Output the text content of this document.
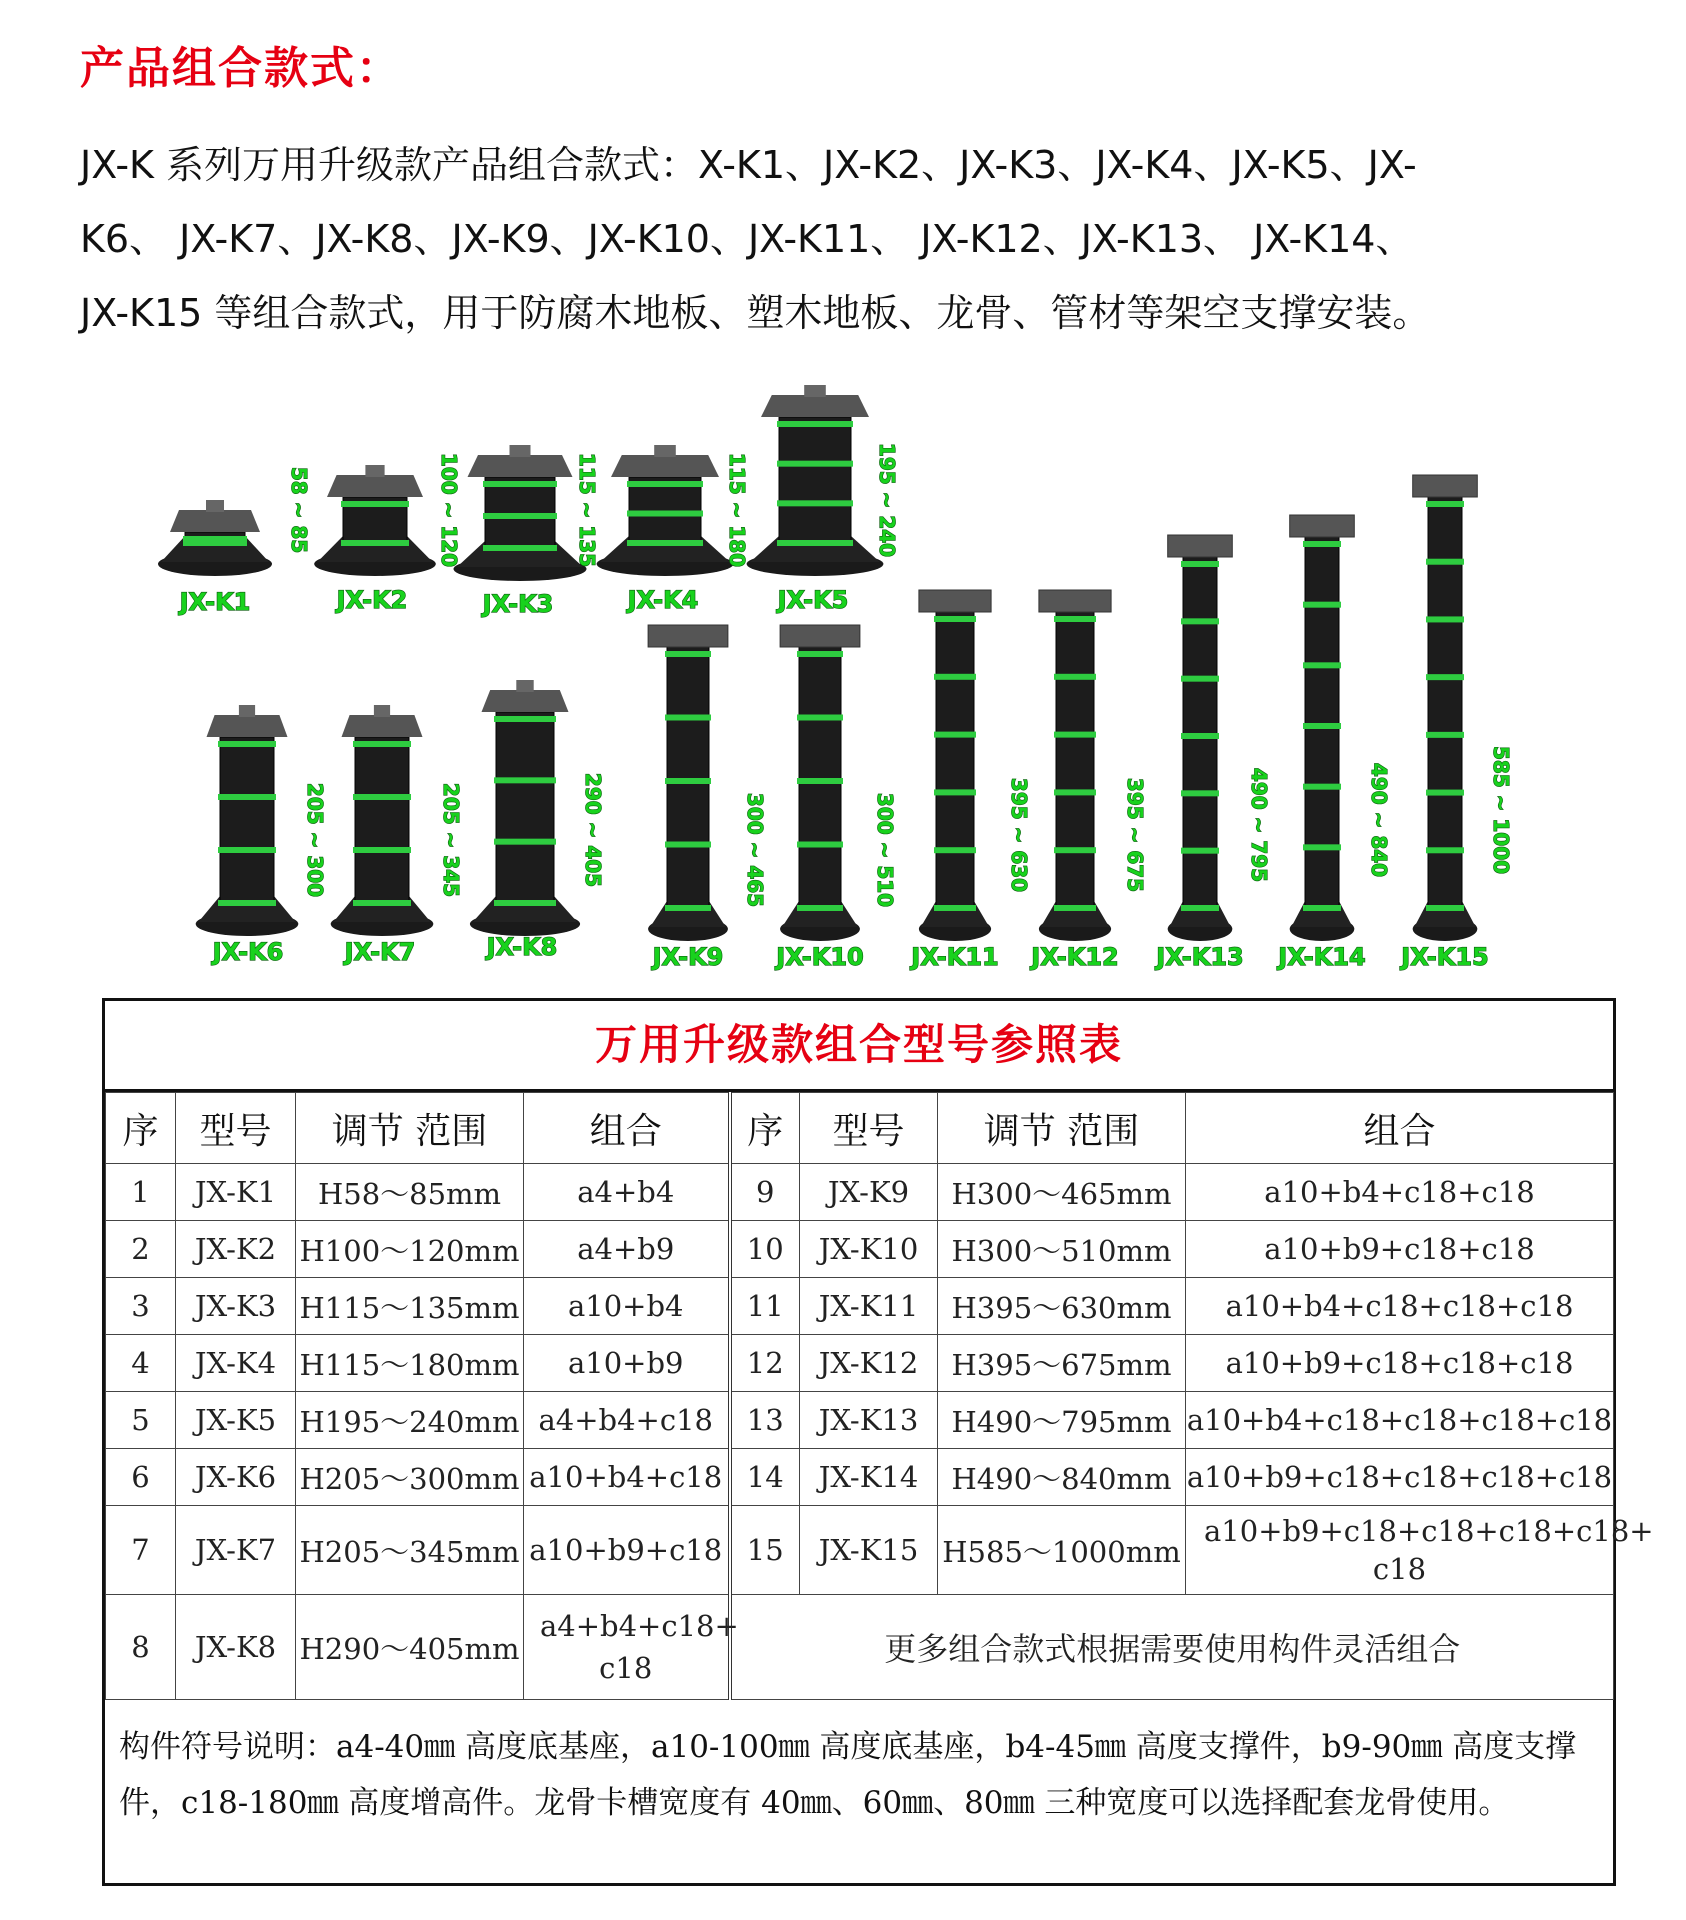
产品组合款式：

JX-K 系列万用升级款产品组合款式：X-K1、JX-K2、JX-K3、JX-K4、JX-K5、JX-

K6、 JX-K7、JX-K8、JX-K9、JX-K10、JX-K11、 JX-K12、JX-K13、 JX-K14、

JX-K15 等组合款式，用于防腐木地板、塑木地板、龙骨、管材等架空支撑安装。

JX-K1
58 ~ 85
JX-K2
100 ~ 120
JX-K3
115 ~ 135
JX-K4
115 ~ 180
JX-K5
195 ~ 240
JX-K6
205 ~ 300
JX-K7
205 ~ 345
JX-K8
290 ~ 405
JX-K9
300 ~ 465
JX-K10
300 ~ 510
JX-K11
395 ~ 630
JX-K12
395 ~ 675
JX-K13
490 ~ 795
JX-K14
490 ~ 840
JX-K15
585 ~ 1000
万用升级款组合型号参照表
序	型号	调节 范围	组合	序	型号	调节 范围	组合
1	JX-K1	H58～85mm	a4+b4	9	JX-K9	H300～465mm	a10+b4+c18+c18
2	JX-K2	H100～120mm	a4+b9	10	JX-K10	H300～510mm	a10+b9+c18+c18
3	JX-K3	H115～135mm	a10+b4	11	JX-K11	H395～630mm	a10+b4+c18+c18+c18
4	JX-K4	H115～180mm	a10+b9	12	JX-K12	H395～675mm	a10+b9+c18+c18+c18
5	JX-K5	H195～240mm	a4+b4+c18	13	JX-K13	H490～795mm	a10+b4+c18+c18+c18+c18
6	JX-K6	H205～300mm	a10+b4+c18	14	JX-K14	H490～840mm	a10+b9+c18+c18+c18+c18
7	JX-K7	H205～345mm	a10+b9+c18	15	JX-K15	H585～1000mm	a10+b9+c18+c18+c18+c18+ c18
8	JX-K8	H290～405mm	a4+b4+c18+ c18	更多组合款式根据需要使用构件灵活组合			
构件符号说明：a4-40㎜ 高度底基座，a10-100㎜ 高度底基座，b4-45㎜ 高度支撑件，b9-90㎜ 高度支撑件，c18-180㎜ 高度增高件。龙骨卡槽宽度有 40㎜、60㎜、80㎜ 三种宽度可以选择配套龙骨使用。
